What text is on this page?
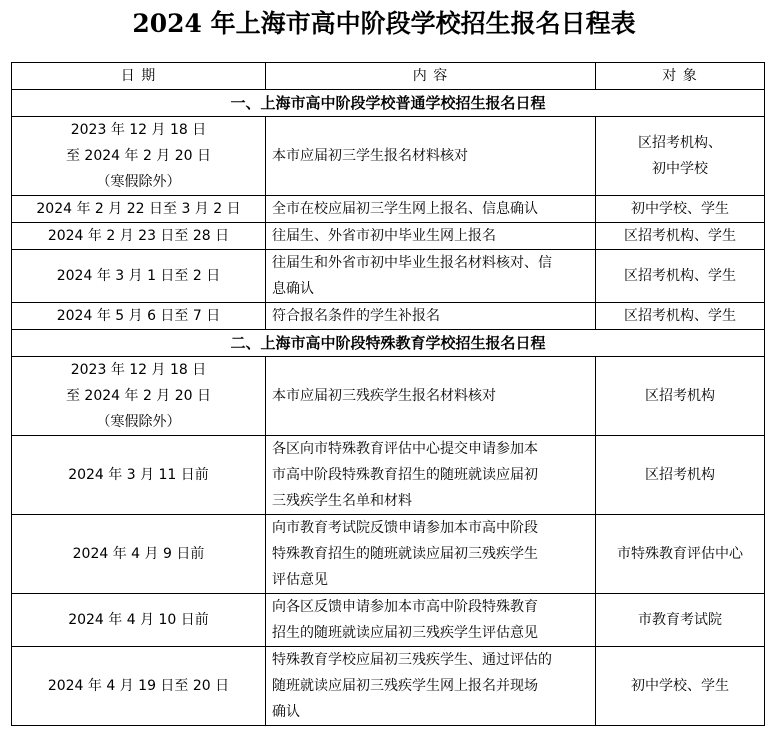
2024 年上海市高中阶段学校招生报名日程表
日 期	内 容	对 象
一、上海市高中阶段学校普通学校招生报名日程		

2023 年 12 月 18 日
至 2024 年 2 月 20 日
（寒假除外）	本市应届初三学生报名材料核对	区招考机构、
初中学校

2024 年 2 月 22 日至 3 月 2 日	全市在校应届初三学生网上报名、信息确认	初中学校、学生

2024 年 2 月 23 日至 28 日	往届生、外省市初中毕业生网上报名	区招考机构、学生

2024 年 3 月 1 日至 2 日	往届生和外省市初中毕业生报名材料核对、信
息确认	区招考机构、学生

2024 年 5 月 6 日至 7 日	符合报名条件的学生补报名	区招考机构、学生

二、上海市高中阶段特殊教育学校招生报名日程		

2023 年 12 月 18 日
至 2024 年 2 月 20 日
（寒假除外）	本市应届初三残疾学生报名材料核对	区招考机构

2024 年 3 月 11 日前	各区向市特殊教育评估中心提交申请参加本
市高中阶段特殊教育招生的随班就读应届初
三残疾学生名单和材料	区招考机构

2024 年 4 月 9 日前	向市教育考试院反馈申请参加本市高中阶段
特殊教育招生的随班就读应届初三残疾学生
评估意见	市特殊教育评估中心

2024 年 4 月 10 日前	向各区反馈申请参加本市高中阶段特殊教育
招生的随班就读应届初三残疾学生评估意见	市教育考试院

2024 年 4 月 19 日至 20 日	特殊教育学校应届初三残疾学生、通过评估的
随班就读应届初三残疾学生网上报名并现场
确认	初中学校、学生
